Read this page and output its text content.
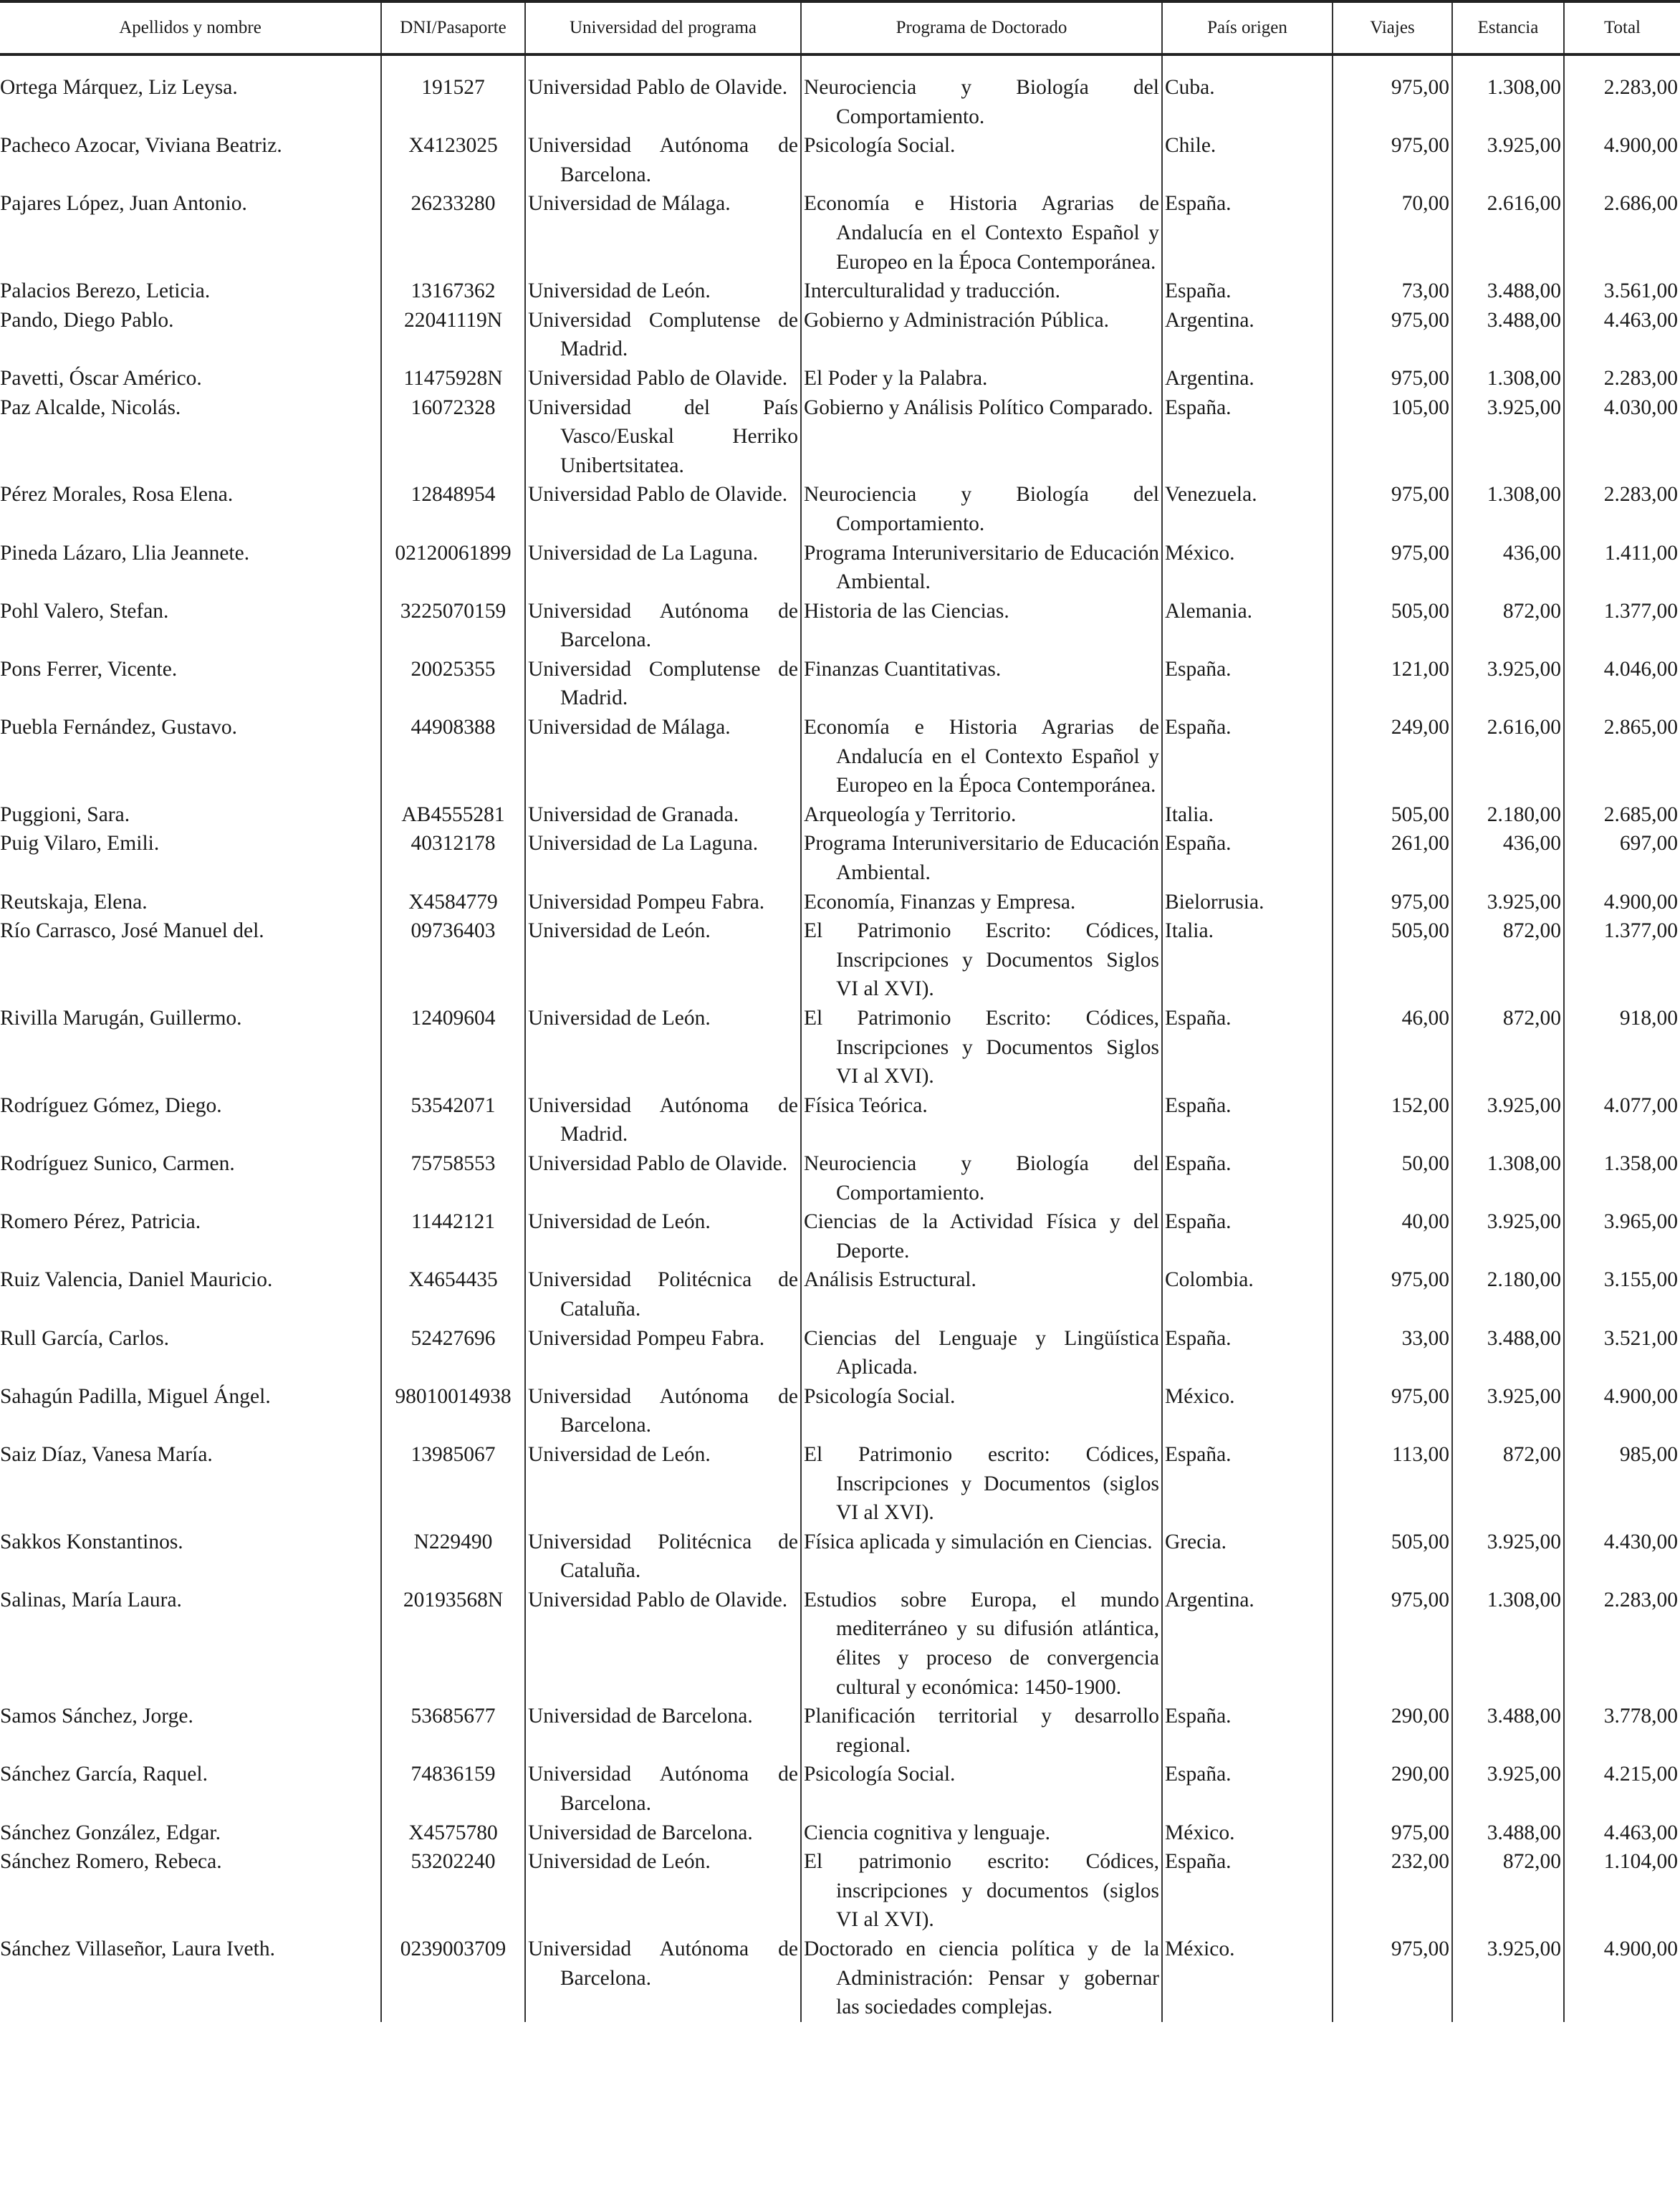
Apellidos y nombre	DNI/Pasaporte	Universidad del programa	Programa de Doctorado	País origen	Viajes	Estancia	Total
Ortega Márquez, Liz Leysa.	191527	Universidad Pablo de Olavide.	Neurociencia y Biología del Comportamiento.	Cuba.	975,00	1.308,00	2.283,00
Pacheco Azocar, Viviana Beatriz.	X4123025	Universidad Autónoma de Barcelona.	Psicología Social.	Chile.	975,00	3.925,00	4.900,00
Pajares López, Juan Antonio.	26233280	Universidad de Málaga.	Economía e Historia Agrarias de Andalucía en el Contexto Español y Europeo en la Época Contemporánea.	España.	70,00	2.616,00	2.686,00
Palacios Berezo, Leticia.	13167362	Universidad de León.	Interculturalidad y traducción.	España.	73,00	3.488,00	3.561,00
Pando, Diego Pablo.	22041119N	Universidad Complutense de Madrid.	Gobierno y Administración Pública.	Argentina.	975,00	3.488,00	4.463,00
Pavetti, Óscar Américo.	11475928N	Universidad Pablo de Olavide.	El Poder y la Palabra.	Argentina.	975,00	1.308,00	2.283,00
Paz Alcalde, Nicolás.	16072328	Universidad del País Vasco/Euskal Herriko Unibertsitatea.	Gobierno y Análisis Político Comparado.	España.	105,00	3.925,00	4.030,00
Pérez Morales, Rosa Elena.	12848954	Universidad Pablo de Olavide.	Neurociencia y Biología del Comportamiento.	Venezuela.	975,00	1.308,00	2.283,00
Pineda Lázaro, Llia Jeannete.	02120061899	Universidad de La Laguna.	Programa Interuniversitario de Educación Ambiental.	México.	975,00	436,00	1.411,00
Pohl Valero, Stefan.	3225070159	Universidad Autónoma de Barcelona.	Historia de las Ciencias.	Alemania.	505,00	872,00	1.377,00
Pons Ferrer, Vicente.	20025355	Universidad Complutense de Madrid.	Finanzas Cuantitativas.	España.	121,00	3.925,00	4.046,00
Puebla Fernández, Gustavo.	44908388	Universidad de Málaga.	Economía e Historia Agrarias de Andalucía en el Contexto Español y Europeo en la Época Contemporánea.	España.	249,00	2.616,00	2.865,00
Puggioni, Sara.	AB4555281	Universidad de Granada.	Arqueología y Territorio.	Italia.	505,00	2.180,00	2.685,00
Puig Vilaro, Emili.	40312178	Universidad de La Laguna.	Programa Interuniversitario de Educación Ambiental.	España.	261,00	436,00	697,00
Reutskaja, Elena.	X4584779	Universidad Pompeu Fabra.	Economía, Finanzas y Empresa.	Bielorrusia.	975,00	3.925,00	4.900,00
Río Carrasco, José Manuel del.	09736403	Universidad de León.	El Patrimonio Escrito: Códices, Inscripciones y Documentos Siglos VI al XVI).	Italia.	505,00	872,00	1.377,00
Rivilla Marugán, Guillermo.	12409604	Universidad de León.	El Patrimonio Escrito: Códices, Inscripciones y Documentos Siglos VI al XVI).	España.	46,00	872,00	918,00
Rodríguez Gómez, Diego.	53542071	Universidad Autónoma de Madrid.	Física Teórica.	España.	152,00	3.925,00	4.077,00
Rodríguez Sunico, Carmen.	75758553	Universidad Pablo de Olavide.	Neurociencia y Biología del Comportamiento.	España.	50,00	1.308,00	1.358,00
Romero Pérez, Patricia.	11442121	Universidad de León.	Ciencias de la Actividad Física y del Deporte.	España.	40,00	3.925,00	3.965,00
Ruiz Valencia, Daniel Mauricio.	X4654435	Universidad Politécnica de Cataluña.	Análisis Estructural.	Colombia.	975,00	2.180,00	3.155,00
Rull García, Carlos.	52427696	Universidad Pompeu Fabra.	Ciencias del Lenguaje y Lingüística Aplicada.	España.	33,00	3.488,00	3.521,00
Sahagún Padilla, Miguel Ángel.	98010014938	Universidad Autónoma de Barcelona.	Psicología Social.	México.	975,00	3.925,00	4.900,00
Saiz Díaz, Vanesa María.	13985067	Universidad de León.	El Patrimonio escrito: Códices, Inscripciones y Documentos (siglos VI al XVI).	España.	113,00	872,00	985,00
Sakkos Konstantinos.	N229490	Universidad Politécnica de Cataluña.	Física aplicada y simulación en Ciencias.	Grecia.	505,00	3.925,00	4.430,00
Salinas, María Laura.	20193568N	Universidad Pablo de Olavide.	Estudios sobre Europa, el mundo mediterráneo y su difusión atlántica, élites y proceso de convergencia cultural y económica: 1450-1900.	Argentina.	975,00	1.308,00	2.283,00
Samos Sánchez, Jorge.	53685677	Universidad de Barcelona.	Planificación territorial y desarrollo regional.	España.	290,00	3.488,00	3.778,00
Sánchez García, Raquel.	74836159	Universidad Autónoma de Barcelona.	Psicología Social.	España.	290,00	3.925,00	4.215,00
Sánchez González, Edgar.	X4575780	Universidad de Barcelona.	Ciencia cognitiva y lenguaje.	México.	975,00	3.488,00	4.463,00
Sánchez Romero, Rebeca.	53202240	Universidad de León.	El patrimonio escrito: Códices, inscripciones y documentos (siglos VI al XVI).	España.	232,00	872,00	1.104,00
Sánchez Villaseñor, Laura Iveth.	0239003709	Universidad Autónoma de Barcelona.	Doctorado en ciencia política y de la Administración: Pensar y gobernar las sociedades complejas.	México.	975,00	3.925,00	4.900,00
